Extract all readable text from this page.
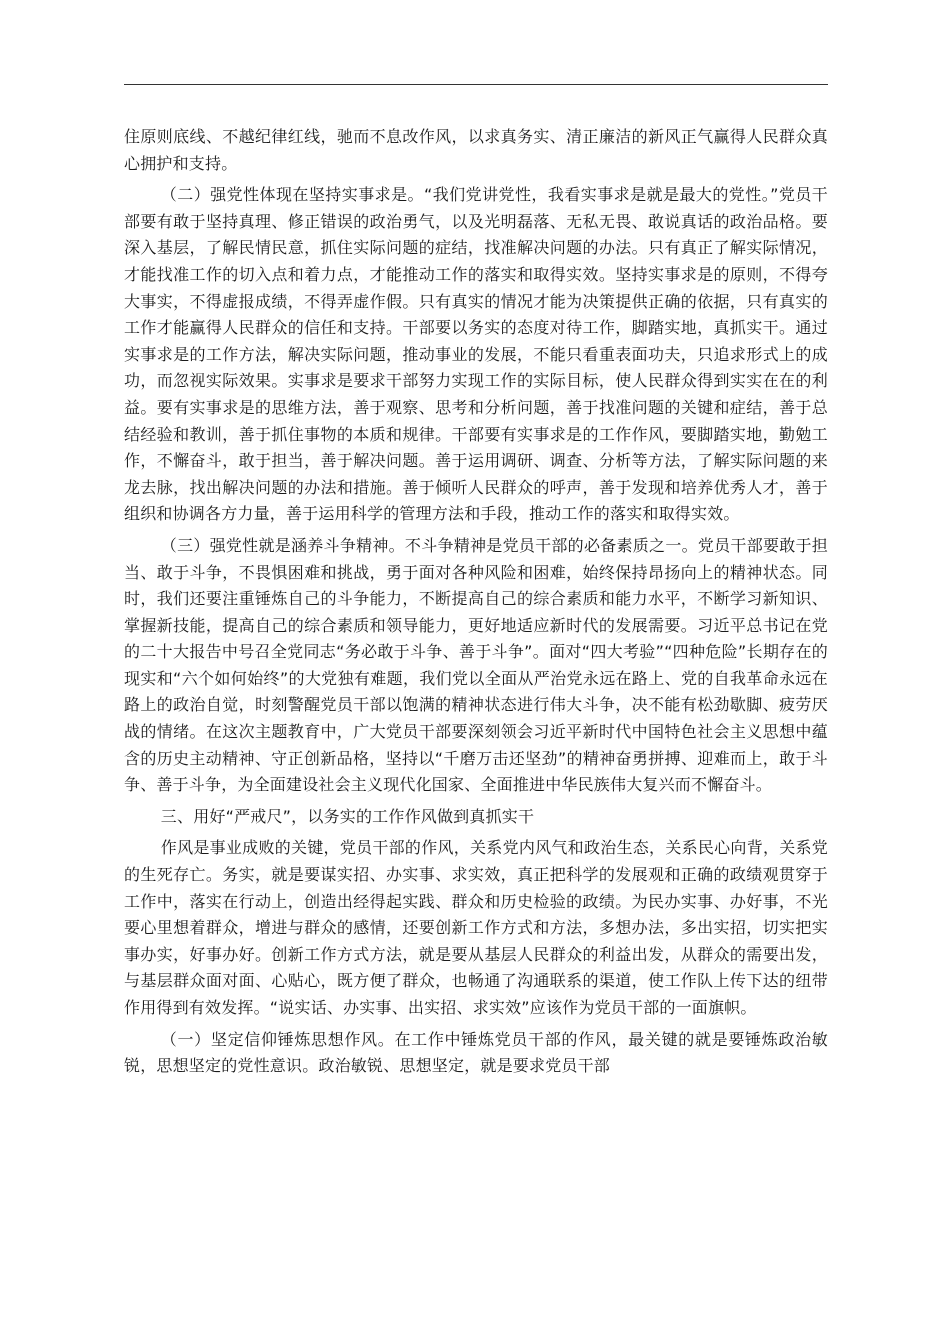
住原则底线、不越纪律红线，驰而不息改作风，以求真务实、清正廉洁的新风正气赢得人民群众真心拥护和支持。

（二）强党性体现在坚持实事求是。“我们党讲党性，我看实事求是就是最大的党性。”党员干部要有敢于坚持真理、修正错误的政治勇气，以及光明磊落、无私无畏、敢说真话的政治品格。要深入基层，了解民情民意，抓住实际问题的症结，找准解决问题的办法。只有真正了解实际情况，才能找准工作的切入点和着力点，才能推动工作的落实和取得实效。坚持实事求是的原则，不得夸大事实，不得虚报成绩，不得弄虚作假。只有真实的情况才能为决策提供正确的依据，只有真实的工作才能赢得人民群众的信任和支持。干部要以务实的态度对待工作，脚踏实地，真抓实干。通过实事求是的工作方法，解决实际问题，推动事业的发展，不能只看重表面功夫，只追求形式上的成功，而忽视实际效果。实事求是要求干部努力实现工作的实际目标，使人民群众得到实实在在的利益。要有实事求是的思维方法，善于观察、思考和分析问题，善于找准问题的关键和症结，善于总结经验和教训，善于抓住事物的本质和规律。干部要有实事求是的工作作风，要脚踏实地，勤勉工作，不懈奋斗，敢于担当，善于解决问题。善于运用调研、调查、分析等方法，了解实际问题的来龙去脉，找出解决问题的办法和措施。善于倾听人民群众的呼声，善于发现和培养优秀人才，善于组织和协调各方力量，善于运用科学的管理方法和手段，推动工作的落实和取得实效。

（三）强党性就是涵养斗争精神。不斗争精神是党员干部的必备素质之一。党员干部要敢于担当、敢于斗争，不畏惧困难和挑战，勇于面对各种风险和困难，始终保持昂扬向上的精神状态。同时，我们还要注重锤炼自己的斗争能力，不断提高自己的综合素质和能力水平，不断学习新知识、掌握新技能，提高自己的综合素质和领导能力，更好地适应新时代的发展需要。习近平总书记在党的二十大报告中号召全党同志“务必敢于斗争、善于斗争”。面对“四大考验”“四种危险”长期存在的现实和“六个如何始终”的大党独有难题，我们党以全面从严治党永远在路上、党的自我革命永远在路上的政治自觉，时刻警醒党员干部以饱满的精神状态进行伟大斗争，决不能有松劲歇脚、疲劳厌战的情绪。在这次主题教育中，广大党员干部要深刻领会习近平新时代中国特色社会主义思想中蕴含的历史主动精神、守正创新品格，坚持以“千磨万击还坚劲”的精神奋勇拼搏、迎难而上，敢于斗争、善于斗争，为全面建设社会主义现代化国家、全面推进中华民族伟大复兴而不懈奋斗。

三、用好“严戒尺”，以务实的工作作风做到真抓实干

作风是事业成败的关键，党员干部的作风，关系党内风气和政治生态，关系民心向背，关系党的生死存亡。务实，就是要谋实招、办实事、求实效，真正把科学的发展观和正确的政绩观贯穿于工作中，落实在行动上，创造出经得起实践、群众和历史检验的政绩。为民办实事、办好事，不光要心里想着群众，增进与群众的感情，还要创新工作方式和方法，多想办法，多出实招，切实把实事办实，好事办好。创新工作方式方法，就是要从基层人民群众的利益出发，从群众的需要出发，与基层群众面对面、心贴心，既方便了群众，也畅通了沟通联系的渠道，使工作队上传下达的纽带作用得到有效发挥。“说实话、办实事、出实招、求实效”应该作为党员干部的一面旗帜。

（一）坚定信仰锤炼思想作风。在工作中锤炼党员干部的作风，最关键的就是要锤炼政治敏锐，思想坚定的党性意识。政治敏锐、思想坚定，就是要求党员干部
